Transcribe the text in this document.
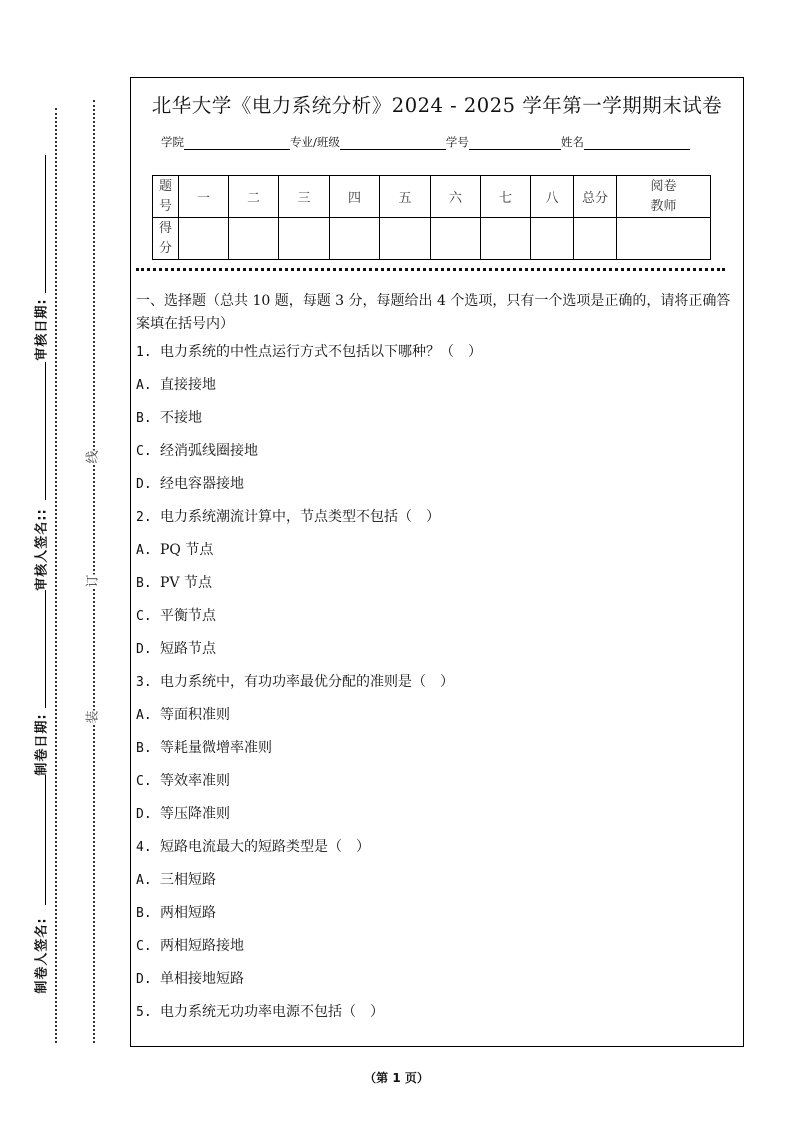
审核日期:
审核人签名::
制卷日期:
制卷人签名:
线
订
装
北华大学《电力系统分析》2024 - 2025 学年第一学期期末试卷
学院	专业/班级	学号	姓名
题号	一	二	三	四	五	六	七	八	总分	阅卷教师
得分										
一、选择题（总共 10 题，每题 3 分，每题给出 4 个选项，只有一个选项是正确的，请将正确答案填在括号内）
1. 电力系统的中性点运行方式不包括以下哪种？（　）
A. 直接接地
B. 不接地
C. 经消弧线圈接地
D. 经电容器接地
2. 电力系统潮流计算中，节点类型不包括（　）
A. PQ 节点
B. PV 节点
C. 平衡节点
D. 短路节点
3. 电力系统中，有功功率最优分配的准则是（　）
A. 等面积准则
B. 等耗量微增率准则
C. 等效率准则
D. 等压降准则
4. 短路电流最大的短路类型是（　）
A. 三相短路
B. 两相短路
C. 两相短路接地
D. 单相接地短路
5. 电力系统无功功率电源不包括（　）
（第 1 页）
